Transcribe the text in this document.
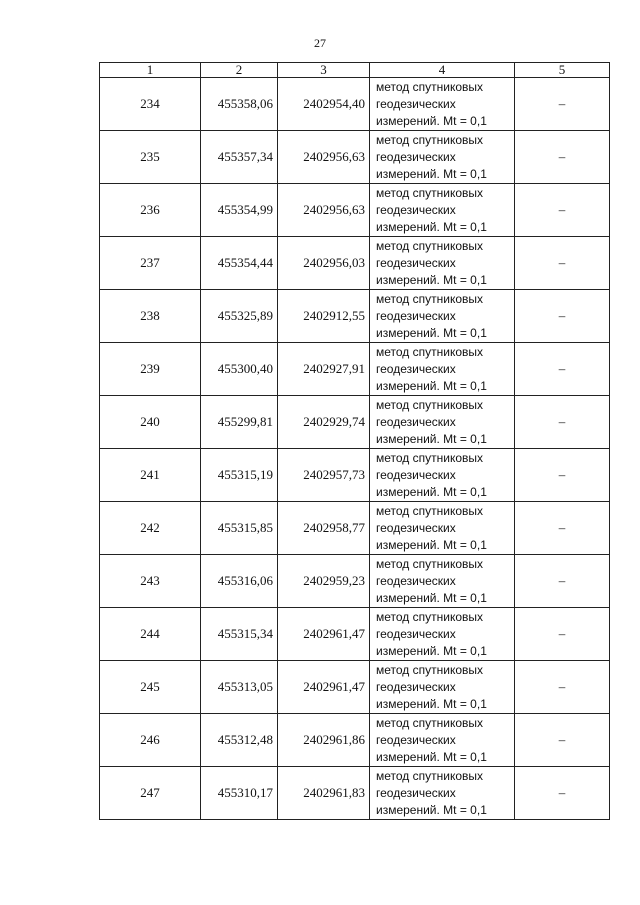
27
1	2	3	4	5
234	455358,06	2402954,40	метод спутниковых
геодезических
измерений. Mt = 0,1	–
235	455357,34	2402956,63	метод спутниковых
геодезических
измерений. Mt = 0,1	–
236	455354,99	2402956,63	метод спутниковых
геодезических
измерений. Mt = 0,1	–
237	455354,44	2402956,03	метод спутниковых
геодезических
измерений. Mt = 0,1	–
238	455325,89	2402912,55	метод спутниковых
геодезических
измерений. Mt = 0,1	–
239	455300,40	2402927,91	метод спутниковых
геодезических
измерений. Mt = 0,1	–
240	455299,81	2402929,74	метод спутниковых
геодезических
измерений. Mt = 0,1	–
241	455315,19	2402957,73	метод спутниковых
геодезических
измерений. Mt = 0,1	–
242	455315,85	2402958,77	метод спутниковых
геодезических
измерений. Mt = 0,1	–
243	455316,06	2402959,23	метод спутниковых
геодезических
измерений. Mt = 0,1	–
244	455315,34	2402961,47	метод спутниковых
геодезических
измерений. Mt = 0,1	–
245	455313,05	2402961,47	метод спутниковых
геодезических
измерений. Mt = 0,1	–
246	455312,48	2402961,86	метод спутниковых
геодезических
измерений. Mt = 0,1	–
247	455310,17	2402961,83	метод спутниковых
геодезических
измерений. Mt = 0,1	–
